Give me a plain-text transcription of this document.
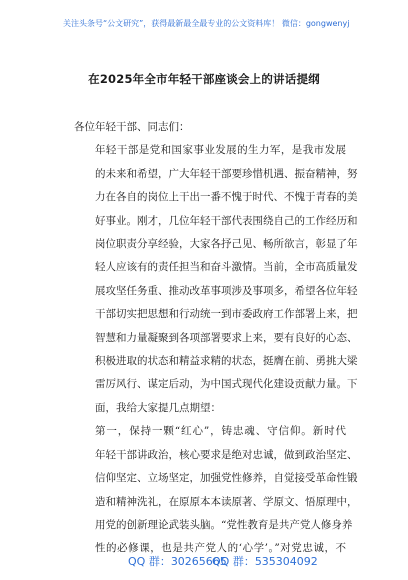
关注头条号“公文研究”，获得最新最全最专业的公文资料库！ 微信：gongwenyj
在2025年全市年轻干部座谈会上的讲话提纲

各位年轻干部、同志们：

年轻干部是党和国家事业发展的生力军，是我市发展
的未来和希望，广大年轻干部要珍惜机遇、振奋精神，努
力在各自的岗位上干出一番不愧于时代、不愧于青春的美
好事业。刚才，几位年轻干部代表围绕自己的工作经历和
岗位职责分享经验，大家各抒己见、畅所欲言，彰显了年
轻人应该有的责任担当和奋斗激情。当前，全市高质量发
展攻坚任务重、推动改革事项涉及事项多，希望各位年轻
干部切实把思想和行动统一到市委政府工作部署上来，把
智慧和力量凝聚到各项部署要求上来，要有良好的心态、
积极进取的状态和精益求精的状态，挺膺在前、勇挑大梁
雷厉风行、谋定后动，为中国式现代化建设贡献力量。下
面，我给大家提几点期望：

第一，保持一颗“红心”，铸忠魂、守信仰。新时代
年轻干部讲政治，核心要求是绝对忠诚，做到政治坚定、
信仰坚定、立场坚定，加强党性修养，自觉接受革命性锻
造和精神洗礼，在原原本本读原著、学原文、悟原理中，
用党的创新理论武装头脑。“党性教育是共产党人修身养
性的必修课，也是共产党人的‘心学’。”对党忠诚，不

QQ 群：30265665
QQ 群：535304092
